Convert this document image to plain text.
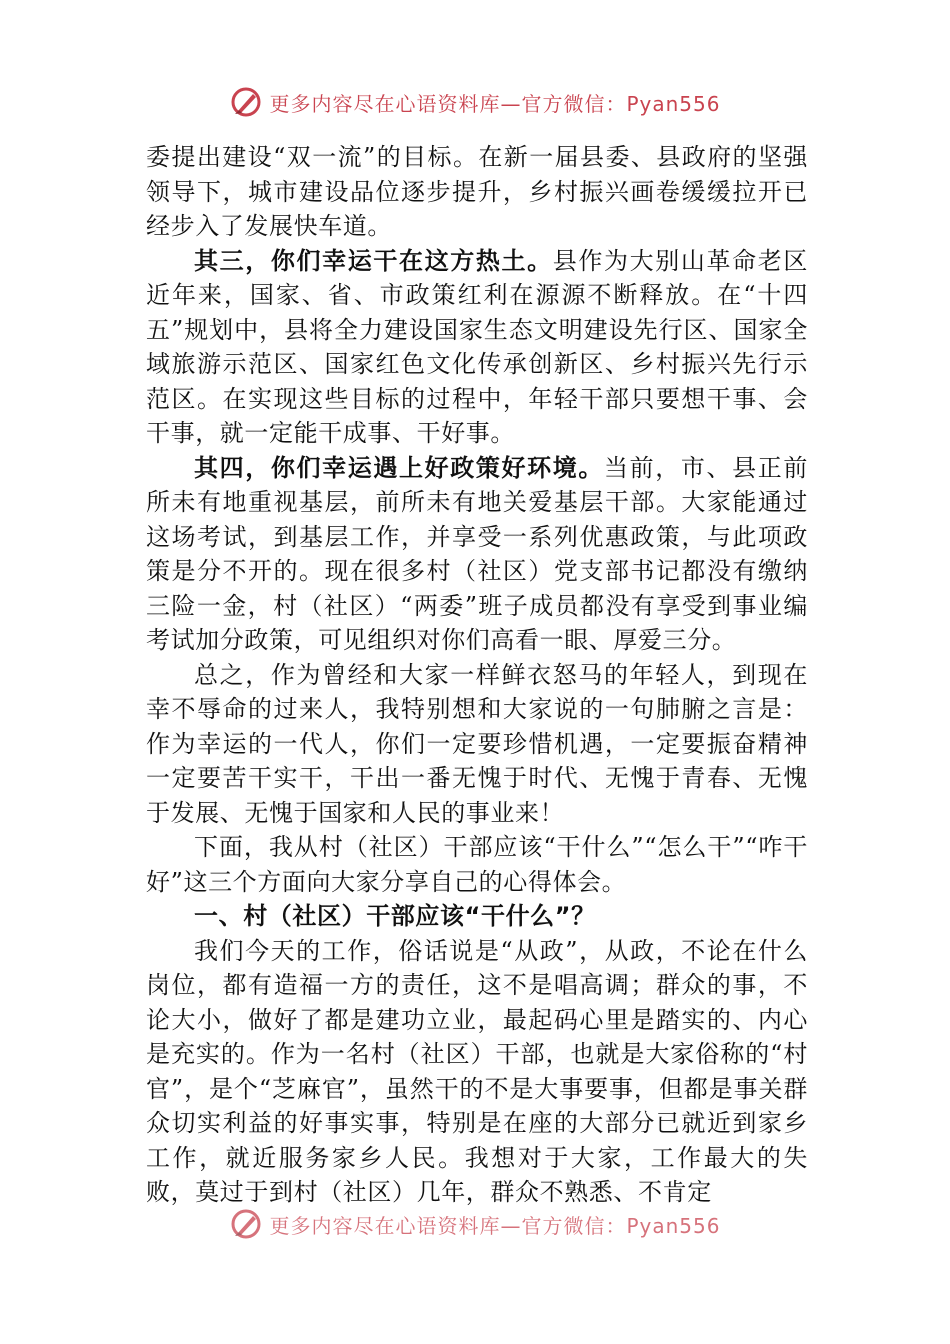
更多内容尽在心语资料库—官方微信：Pyan556

委提出建设“双一流”的目标。在新一届县委、县政府的坚强领导下，城市建设品位逐步提升，乡村振兴画卷缓缓拉开已经步入了发展快车道。

其三，你们幸运干在这方热土。县作为大别山革命老区近年来，国家、省、市政策红利在源源不断释放。在“十四五”规划中，县将全力建设国家生态文明建设先行区、国家全域旅游示范区、国家红色文化传承创新区、乡村振兴先行示范区。在实现这些目标的过程中，年轻干部只要想干事、会干事，就一定能干成事、干好事。

其四，你们幸运遇上好政策好环境。当前，市、县正前所未有地重视基层，前所未有地关爱基层干部。大家能通过这场考试，到基层工作，并享受一系列优惠政策，与此项政策是分不开的。现在很多村（社区）党支部书记都没有缴纳三险一金，村（社区）“两委”班子成员都没有享受到事业编考试加分政策，可见组织对你们高看一眼、厚爱三分。

总之，作为曾经和大家一样鲜衣怒马的年轻人，到现在幸不辱命的过来人，我特别想和大家说的一句肺腑之言是：作为幸运的一代人，你们一定要珍惜机遇，一定要振奋精神一定要苦干实干，干出一番无愧于时代、无愧于青春、无愧于发展、无愧于国家和人民的事业来！

下面，我从村（社区）干部应该“干什么”“怎么干”“咋干好”这三个方面向大家分享自己的心得体会。

一、村（社区）干部应该“干什么”？

我们今天的工作，俗话说是“从政”，从政，不论在什么岗位，都有造福一方的责任，这不是唱高调；群众的事，不论大小，做好了都是建功立业，最起码心里是踏实的、内心是充实的。作为一名村（社区）干部，也就是大家俗称的“村官”，是个“芝麻官”，虽然干的不是大事要事，但都是事关群众切实利益的好事实事，特别是在座的大部分已就近到家乡工作，就近服务家乡人民。我想对于大家，工作最大的失败，莫过于到村（社区）几年，群众不熟悉、不肯定

更多内容尽在心语资料库—官方微信：Pyan556
